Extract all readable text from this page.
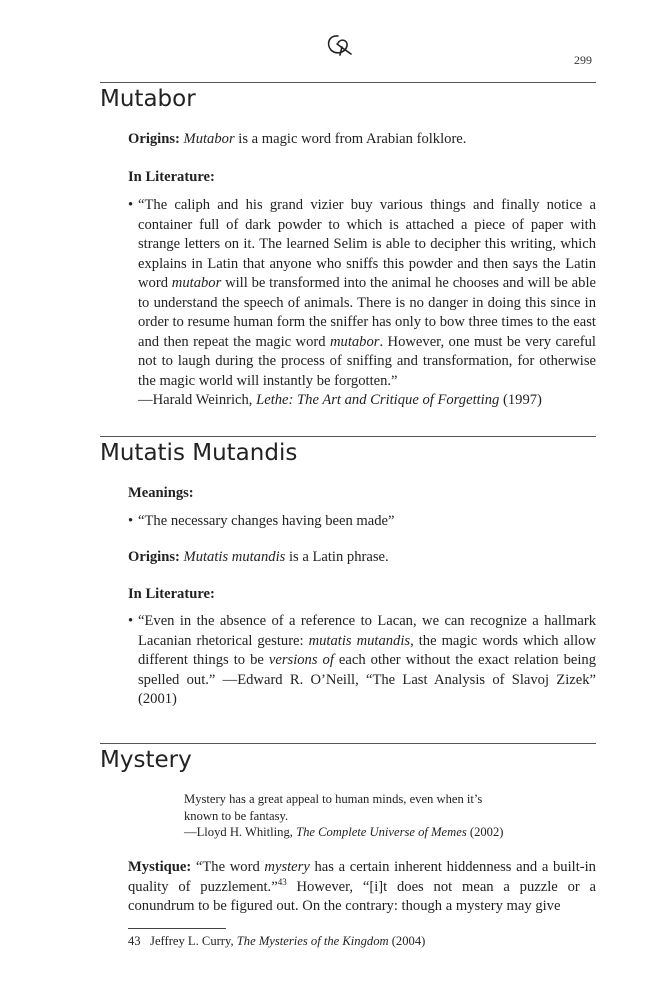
299
Mutabor
Origins: Mutabor is a magic word from Arabian folklore.
In Literature:
• “The caliph and his grand vizier buy various things and finally notice a container full of dark powder to which is attached a piece of paper with strange letters on it. The learned Selim is able to decipher this writing, which explains in Latin that anyone who sniffs this powder and then says the Latin word mutabor will be transformed into the animal he chooses and will be able to understand the speech of animals. There is no danger in doing this since in order to resume human form the sniffer has only to bow three times to the east and then repeat the magic word mutabor. However, one must be very careful not to laugh during the process of sniffing and transformation, for otherwise the magic world will instantly be forgotten.”
—Harald Weinrich, Lethe: The Art and Critique of Forgetting (1997)
Mutatis Mutandis
Meanings:
• “The necessary changes having been made”
Origins: Mutatis mutandis is a Latin phrase.
In Literature:
• “Even in the absence of a reference to Lacan, we can recognize a hallmark Lacanian rhetorical gesture: mutatis mutandis, the magic words which allow different things to be versions of each other without the exact relation being spelled out.” —Edward R. O’Neill, “The Last Analysis of Slavoj Zizek” (2001)
Mystery
Mystery has a great appeal to human minds, even when it’s
known to be fantasy.
—Lloyd H. Whitling, The Complete Universe of Memes (2002)
Mystique: “The word mystery has a certain inherent hiddenness and a built-in quality of puzzlement.”$^{43}$ However, “[i]t does not mean a puzzle or a conundrum to be figured out. On the contrary: though a mystery may give
43 Jeffrey L. Curry, The Mysteries of the Kingdom (2004)
